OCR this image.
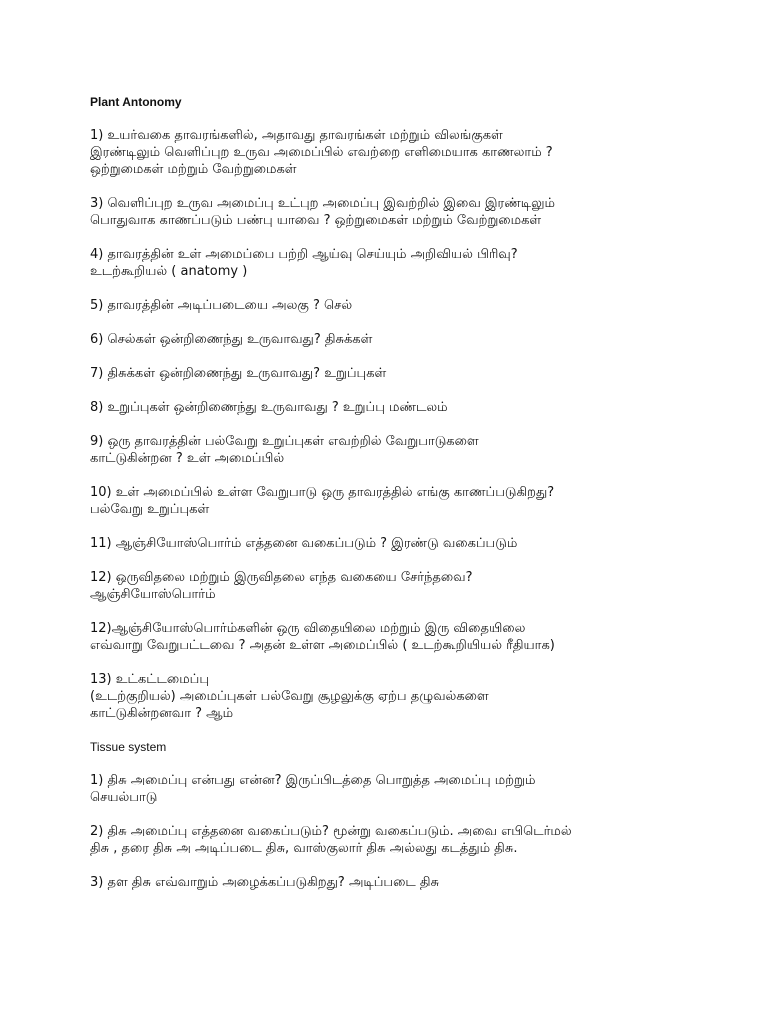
Plant Antonomy
1) உயர்வகை தாவரங்களில், அதாவது தாவரங்கள் மற்றும் விலங்குகள்
இரண்டிலும் வெளிப்புற உருவ அமைப்பில் எவற்றை எளிமையாக காணலாம் ?
ஒற்றுமைகள் மற்றும் வேற்றுமைகள்
3) வெளிப்புற உருவ அமைப்பு உட்புற அமைப்பு இவற்றில் இவை இரண்டிலும்
பொதுவாக காணப்படும் பண்பு யாவை ? ஒற்றுமைகள் மற்றும் வேற்றுமைகள்
4) தாவரத்தின் உள் அமைப்பை பற்றி ஆய்வு செய்யும் அறிவியல் பிரிவு?
உடற்கூறியல் ( anatomy )
5) தாவரத்தின் அடிப்படையை அலகு ? செல்
6) செல்கள் ஒன்றிணைந்து உருவாவது? திசுக்கள்
7) திசுக்கள் ஒன்றிணைந்து உருவாவது? உறுப்புகள்
8) உறுப்புகள் ஒன்றிணைந்து உருவாவது ? உறுப்பு மண்டலம்
9) ஒரு தாவரத்தின் பல்வேறு உறுப்புகள் எவற்றில் வேறுபாடுகளை
காட்டுகின்றன ? உள் அமைப்பில்
10) உள் அமைப்பில் உள்ள வேறுபாடு ஒரு தாவரத்தில் எங்கு காணப்படுகிறது?
பல்வேறு உறுப்புகள்
11) ஆஞ்சியோஸ்பொர்ம் எத்தனை வகைப்படும் ? இரண்டு வகைப்படும்
12) ஒருவிதலை மற்றும் இருவிதலை எந்த வகையை சேர்ந்தவை?
ஆஞ்சியோஸ்பொர்ம்
12)ஆஞ்சியோஸ்பொர்ம்களின் ஒரு விதையிலை மற்றும் இரு விதையிலை
எவ்வாறு வேறுபட்டவை ? அதன் உள்ள அமைப்பில் ( உடற்கூறியியல் ரீதியாக)
13) உட்கட்டமைப்பு
(உடற்குறியல்) அமைப்புகள் பல்வேறு சூழலுக்கு ஏற்ப தழுவல்களை
காட்டுகின்றனவா ? ஆம்
Tissue system
1) திசு அமைப்பு என்பது என்ன? இருப்பிடத்தை பொறுத்த அமைப்பு மற்றும்
செயல்பாடு
2) திசு அமைப்பு எத்தனை வகைப்படும்? மூன்று வகைப்படும். அவை எபிடெர்மல்
திசு , தரை திசு அ அடிப்படை திசு, வாஸ்குலார் திசு அல்லது கடத்தும் திசு.
3) தள திசு எவ்வாறும் அழைக்கப்படுகிறது? அடிப்படை திசு
